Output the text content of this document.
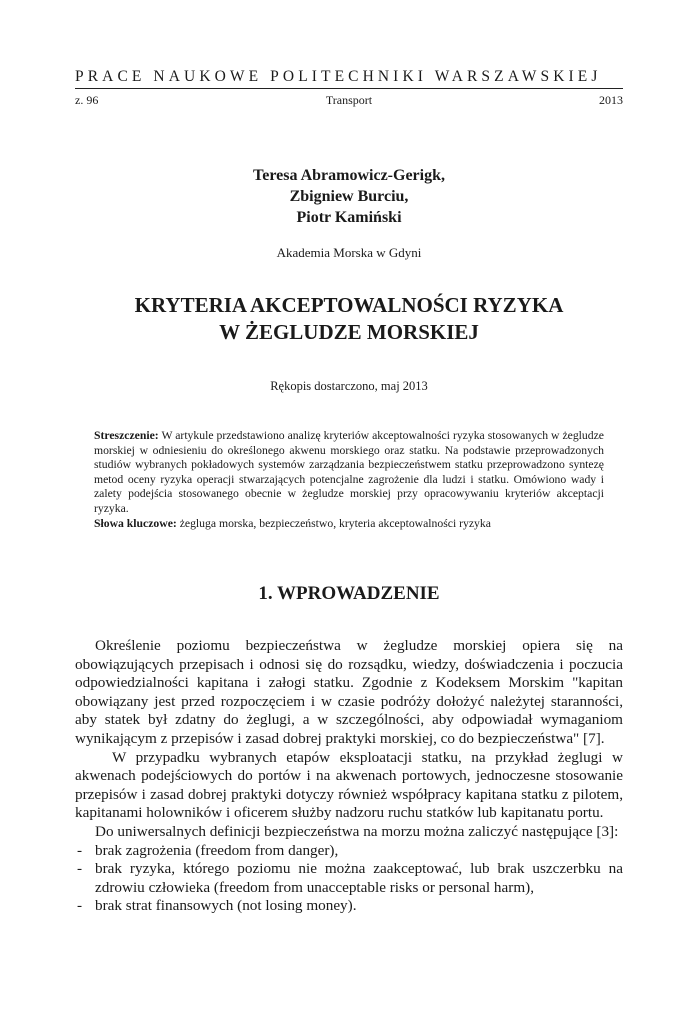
PRACE NAUKOWE POLITECHNIKI WARSZAWSKIEJ
z. 96	Transport	2013
Teresa Abramowicz-Gerigk,
Zbigniew Burciu,
Piotr Kamiński
Akademia Morska w Gdyni
KRYTERIA AKCEPTOWALNOŚCI RYZYKA
W ŻEGLUDZE MORSKIEJ
Rękopis dostarczono, maj 2013

Streszczenie: W artykule przedstawiono analizę kryteriów akceptowalności ryzyka stosowanych w żegludze morskiej w odniesieniu do określonego akwenu morskiego oraz statku. Na podstawie przeprowadzonych studiów wybranych pokładowych systemów zarządzania bezpieczeństwem statku przeprowadzono syntezę metod oceny ryzyka operacji stwarzających potencjalne zagrożenie dla ludzi i statku. Omówiono wady i zalety podejścia stosowanego obecnie w żegludze morskiej przy opracowywaniu kryteriów akceptacji ryzyka.

Słowa kluczowe: żegluga morska, bezpieczeństwo, kryteria akceptowalności ryzyka

1. WPROWADZENIE

Określenie poziomu bezpieczeństwa w żegludze morskiej opiera się na obowiązujących przepisach i odnosi się do rozsądku, wiedzy, doświadczenia i poczucia odpowiedzialności kapitana i załogi statku. Zgodnie z Kodeksem Morskim "kapitan obowiązany jest przed rozpoczęciem i w czasie podróży dołożyć należytej staranności, aby statek był zdatny do żeglugi, a w szczególności, aby odpowiadał wymaganiom wynikającym z przepisów i zasad dobrej praktyki morskiej, co do bezpieczeństwa" [7].

W przypadku wybranych etapów eksploatacji statku, na przykład żeglugi w akwenach podejściowych do portów i na akwenach portowych, jednoczesne stosowanie przepisów i zasad dobrej praktyki dotyczy również współpracy kapitana statku z pilotem, kapitanami holowników i oficerem służby nadzoru ruchu statków lub kapitanatu portu.

Do uniwersalnych definicji bezpieczeństwa na morzu można zaliczyć następujące [3]:

- brak zagrożenia (freedom from danger),
- brak ryzyka, którego poziomu nie można zaakceptować, lub brak uszczerbku na zdrowiu człowieka (freedom from unacceptable risks or personal harm),
- brak strat finansowych (not losing money).
